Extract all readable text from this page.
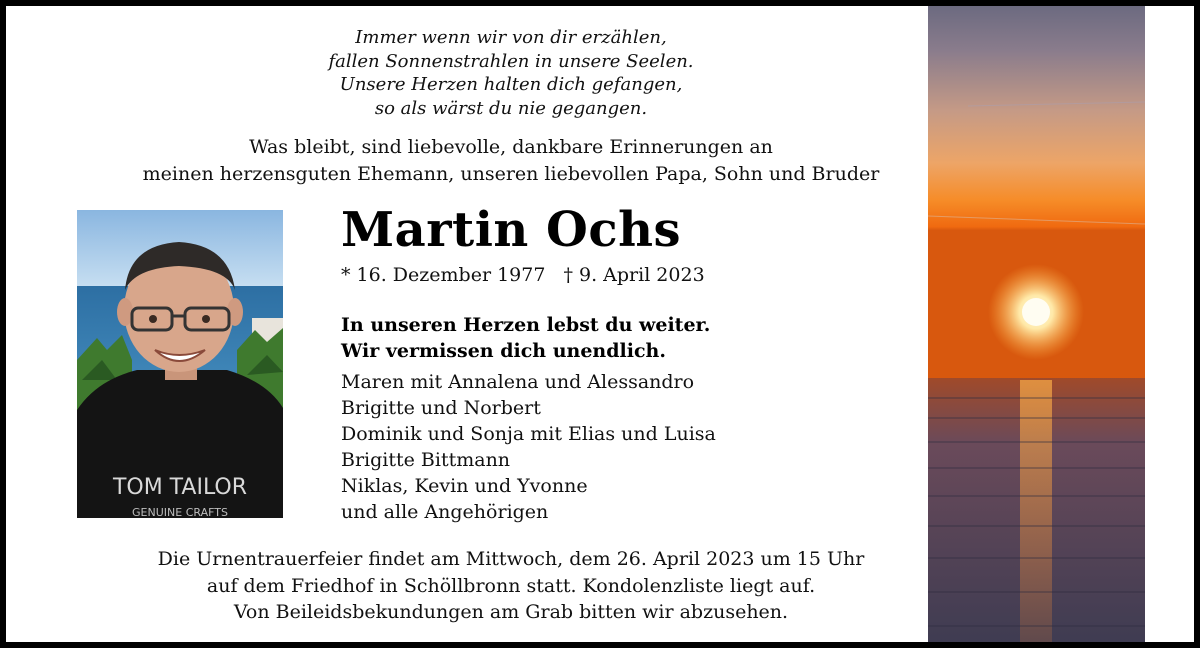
Immer wenn wir von dir erzählen,
fallen Sonnenstrahlen in unsere Seelen.
Unsere Herzen halten dich gefangen,
so als wärst du nie gegangen.
Was bleibt, sind liebevolle, dankbare Erinnerungen an
meinen herzensguten Ehemann, unseren liebevollen Papa, Sohn und Bruder
TOM TAILOR
GENUINE CRAFTS
Martin Ochs
* 16. Dezember 1977 † 9. April 2023
In unseren Herzen lebst du weiter.
Wir vermissen dich unendlich.
Maren mit Annalena und Alessandro
Brigitte und Norbert
Dominik und Sonja mit Elias und Luisa
Brigitte Bittmann
Niklas, Kevin und Yvonne
und alle Angehörigen
Die Urnentrauerfeier findet am Mittwoch, dem 26. April 2023 um 15 Uhr
auf dem Friedhof in Schöllbronn statt. Kondolenzliste liegt auf.
Von Beileidsbekundungen am Grab bitten wir abzusehen.
